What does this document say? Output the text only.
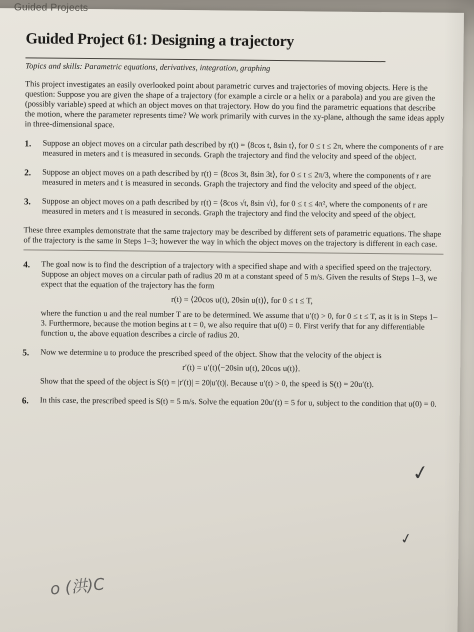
Guided Projects
Guided Project 61: Designing a trajectory
Topics and skills: Parametric equations, derivatives, integration, graphing
This project investigates an easily overlooked point about parametric curves and trajectories of moving objects. Here is the question: Suppose you are given the shape of a trajectory (for example a circle or a helix or a parabola) and you are given the (possibly variable) speed at which an object moves on that trajectory. How do you find the parametric equations that describe the motion, where the parameter represents time? We work primarily with curves in the xy-plane, although the same ideas apply in three-dimensional space.
1. Suppose an object moves on a circular path described by r(t) = ⟨8cos t, 8sin t⟩, for 0 ≤ t ≤ 2π, where the components of r are measured in meters and t is measured in seconds. Graph the trajectory and find the velocity and speed of the object.

2. Suppose an object moves on a path described by r(t) = ⟨8cos 3t, 8sin 3t⟩, for 0 ≤ t ≤ 2π/3, where the components of r are measured in meters and t is measured in seconds. Graph the trajectory and find the velocity and speed of the object.

3. Suppose an object moves on a path described by r(t) = ⟨8cos √t, 8sin √t⟩, for 0 ≤ t ≤ 4π², where the components of r are measured in meters and t is measured in seconds. Graph the trajectory and find the velocity and speed of the object.

These three examples demonstrate that the same trajectory may be described by different sets of parametric equations. The shape of the trajectory is the same in Steps 1–3; however the way in which the object moves on the trajectory is different in each case.
4. The goal now is to find the description of a trajectory with a specified shape and with a specified speed on the trajectory. Suppose an object moves on a circular path of radius 20 m at a constant speed of 5 m/s. Given the results of Steps 1–3, we expect that the equation of the trajectory has the form

r(t) = ⟨20cos u(t), 20sin u(t)⟩, for 0 ≤ t ≤ T,

where the function u and the real number T are to be determined. We assume that u′(t) > 0, for 0 ≤ t ≤ T, as it is in Steps 1–3. Furthermore, because the motion begins at t = 0, we also require that u(0) = 0. First verify that for any differentiable function u, the above equation describes a circle of radius 20.

5. Now we determine u to produce the prescribed speed of the object. Show that the velocity of the object is

r′(t) = u′(t)⟨−20sin u(t), 20cos u(t)⟩.

Show that the speed of the object is S(t) = |r′(t)| = 20|u′(t)|. Because u′(t) > 0, the speed is S(t) = 20u′(t).

6. In this case, the prescribed speed is S(t) = 5 m/s. Solve the equation 20u′(t) = 5 for u, subject to the condition that u(0) = 0.

✓
✓
o (洪)C
